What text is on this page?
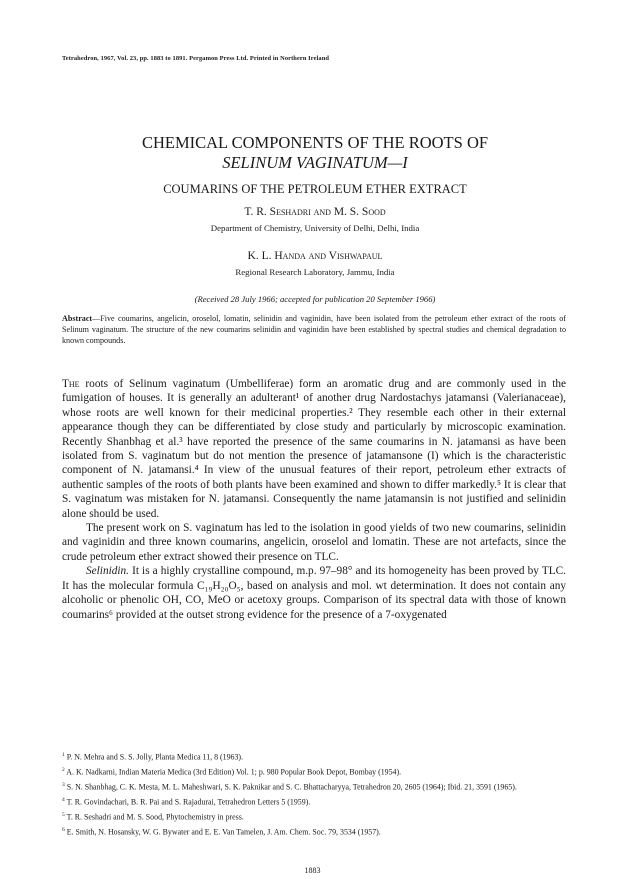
Tetrahedron, 1967, Vol. 23, pp. 1883 to 1891. Pergamon Press Ltd. Printed in Northern Ireland
CHEMICAL COMPONENTS OF THE ROOTS OF
SELINUM VAGINATUM—I
COUMARINS OF THE PETROLEUM ETHER EXTRACT
T. R. Seshadri and M. S. Sood
Department of Chemistry, University of Delhi, Delhi, India
K. L. Handa and Vishwapaul
Regional Research Laboratory, Jammu, India
(Received 28 July 1966; accepted for publication 20 September 1966)
Abstract—Five coumarins, angelicin, oroselol, lomatin, selinidin and vaginidin, have been isolated from the petroleum ether extract of the roots of Selinum vaginatum. The structure of the new coumarins selinidin and vaginidin have been established by spectral studies and chemical degradation to known compounds.

The roots of Selinum vaginatum (Umbelliferae) form an aromatic drug and are commonly used in the fumigation of houses. It is generally an adulterant¹ of another drug Nardostachys jatamansi (Valerianaceae), whose roots are well known for their medicinal properties.² They resemble each other in their external appearance though they can be differentiated by close study and particularly by microscopic examination. Recently Shanbhag et al.³ have reported the presence of the same coumarins in N. jatamansi as have been isolated from S. vaginatum but do not mention the presence of jatamansone (I) which is the characteristic component of N. jatamansi.⁴ In view of the unusual features of their report, petroleum ether extracts of authentic samples of the roots of both plants have been examined and shown to differ markedly.⁵ It is clear that S. vaginatum was mistaken for N. jatamansi. Consequently the name jatamansin is not justified and selinidin alone should be used.

The present work on S. vaginatum has led to the isolation in good yields of two new coumarins, selinidin and vaginidin and three known coumarins, angelicin, oroselol and lomatin. These are not artefacts, since the crude petroleum ether extract showed their presence on TLC.

Selinidin. It is a highly crystalline compound, m.p. 97–98° and its homogeneity has been proved by TLC. It has the molecular formula C₁₉H₂₀O₅, based on analysis and mol. wt determination. It does not contain any alcoholic or phenolic OH, CO, MeO or acetoxy groups. Comparison of its spectral data with those of known coumarins⁶ provided at the outset strong evidence for the presence of a 7-oxygenated

$^1$ P. N. Mehra and S. S. Jolly, Planta Medica 11, 8 (1963).
$^2$ A. K. Nadkarni, Indian Materia Medica (3rd Edition) Vol. 1; p. 980 Popular Book Depot, Bombay (1954).
$^3$ S. N. Shanbhag, C. K. Mesta, M. L. Maheshwari, S. K. Paknikar and S. C. Bhattacharyya, Tetrahedron 20, 2605 (1964); Ibid. 21, 3591 (1965).
$^4$ T. R. Govindachari, B. R. Pai and S. Rajadurai, Tetrahedron Letters 5 (1959).
$^5$ T. R. Seshadri and M. S. Sood, Phytochemistry in press.
$^6$ E. Smith, N. Hosansky, W. G. Bywater and E. E. Van Tamelen, J. Am. Chem. Soc. 79, 3534 (1957).
1883
